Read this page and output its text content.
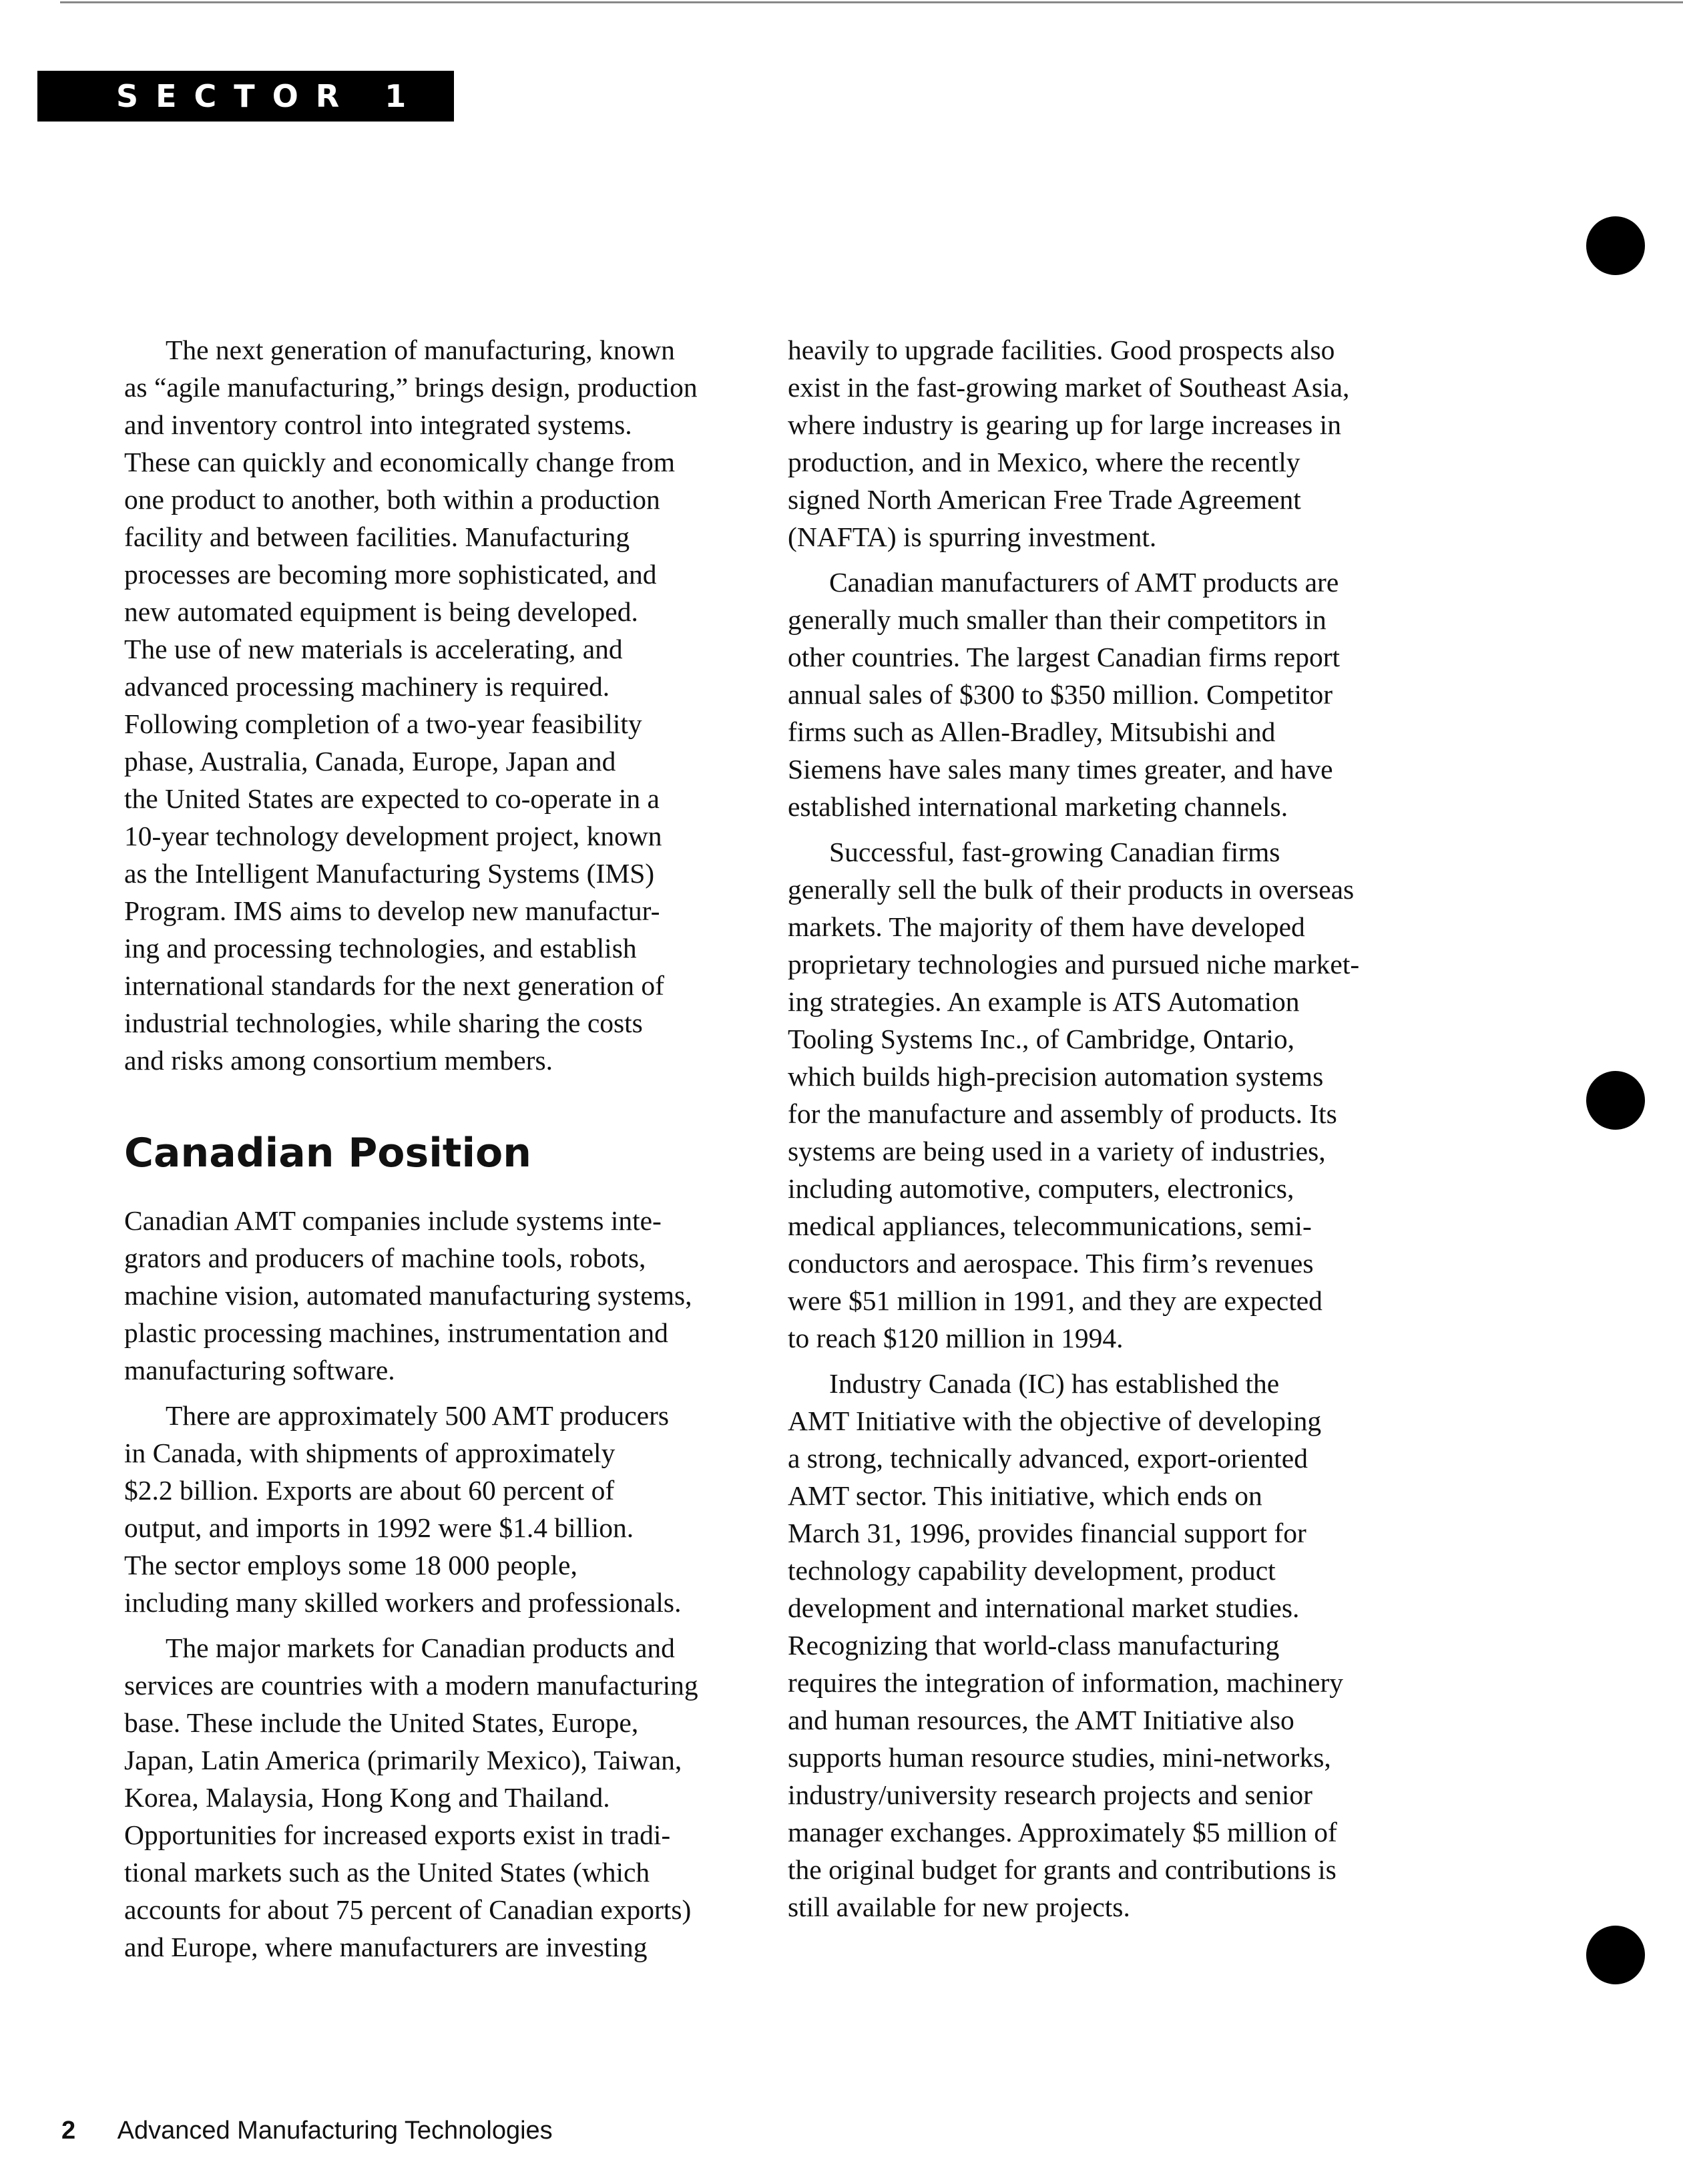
SECTOR 1

The next generation of manufacturing, known
as “agile manufacturing,” brings design, production
and inventory control into integrated systems.
These can quickly and economically change from
one product to another, both within a production
facility and between facilities. Manufacturing
processes are becoming more sophisticated, and
new automated equipment is being developed.
The use of new materials is accelerating, and
advanced processing machinery is required.
Following completion of a two-year feasibility
phase, Australia, Canada, Europe, Japan and
the United States are expected to co-operate in a
10-year technology development project, known
as the Intelligent Manufacturing Systems (IMS)
Program. IMS aims to develop new manufactur-
ing and processing technologies, and establish
international standards for the next generation of
industrial technologies, while sharing the costs
and risks among consortium members.

Canadian Position

Canadian AMT companies include systems inte-
grators and producers of machine tools, robots,
machine vision, automated manufacturing systems,
plastic processing machines, instrumentation and
manufacturing software.

There are approximately 500 AMT producers
in Canada, with shipments of approximately
$2.2 billion. Exports are about 60 percent of
output, and imports in 1992 were $1.4 billion.
The sector employs some 18 000 people,
including many skilled workers and professionals.

The major markets for Canadian products and
services are countries with a modern manufacturing
base. These include the United States, Europe,
Japan, Latin America (primarily Mexico), Taiwan,
Korea, Malaysia, Hong Kong and Thailand.
Opportunities for increased exports exist in tradi-
tional markets such as the United States (which
accounts for about 75 percent of Canadian exports)
and Europe, where manufacturers are investing

heavily to upgrade facilities. Good prospects also
exist in the fast-growing market of Southeast Asia,
where industry is gearing up for large increases in
production, and in Mexico, where the recently
signed North American Free Trade Agreement
(NAFTA) is spurring investment.

Canadian manufacturers of AMT products are
generally much smaller than their competitors in
other countries. The largest Canadian firms report
annual sales of $300 to $350 million. Competitor
firms such as Allen-Bradley, Mitsubishi and
Siemens have sales many times greater, and have
established international marketing channels.

Successful, fast-growing Canadian firms
generally sell the bulk of their products in overseas
markets. The majority of them have developed
proprietary technologies and pursued niche market-
ing strategies. An example is ATS Automation
Tooling Systems Inc., of Cambridge, Ontario,
which builds high-precision automation systems
for the manufacture and assembly of products. Its
systems are being used in a variety of industries,
including automotive, computers, electronics,
medical appliances, telecommunications, semi-
conductors and aerospace. This firm’s revenues
were $51 million in 1991, and they are expected
to reach $120 million in 1994.

Industry Canada (IC) has established the
AMT Initiative with the objective of developing
a strong, technically advanced, export-oriented
AMT sector. This initiative, which ends on
March 31, 1996, provides financial support for
technology capability development, product
development and international market studies.
Recognizing that world-class manufacturing
requires the integration of information, machinery
and human resources, the AMT Initiative also
supports human resource studies, mini-networks,
industry/university research projects and senior
manager exchanges. Approximately $5 million of
the original budget for grants and contributions is
still available for new projects.

2 Advanced Manufacturing Technologies
